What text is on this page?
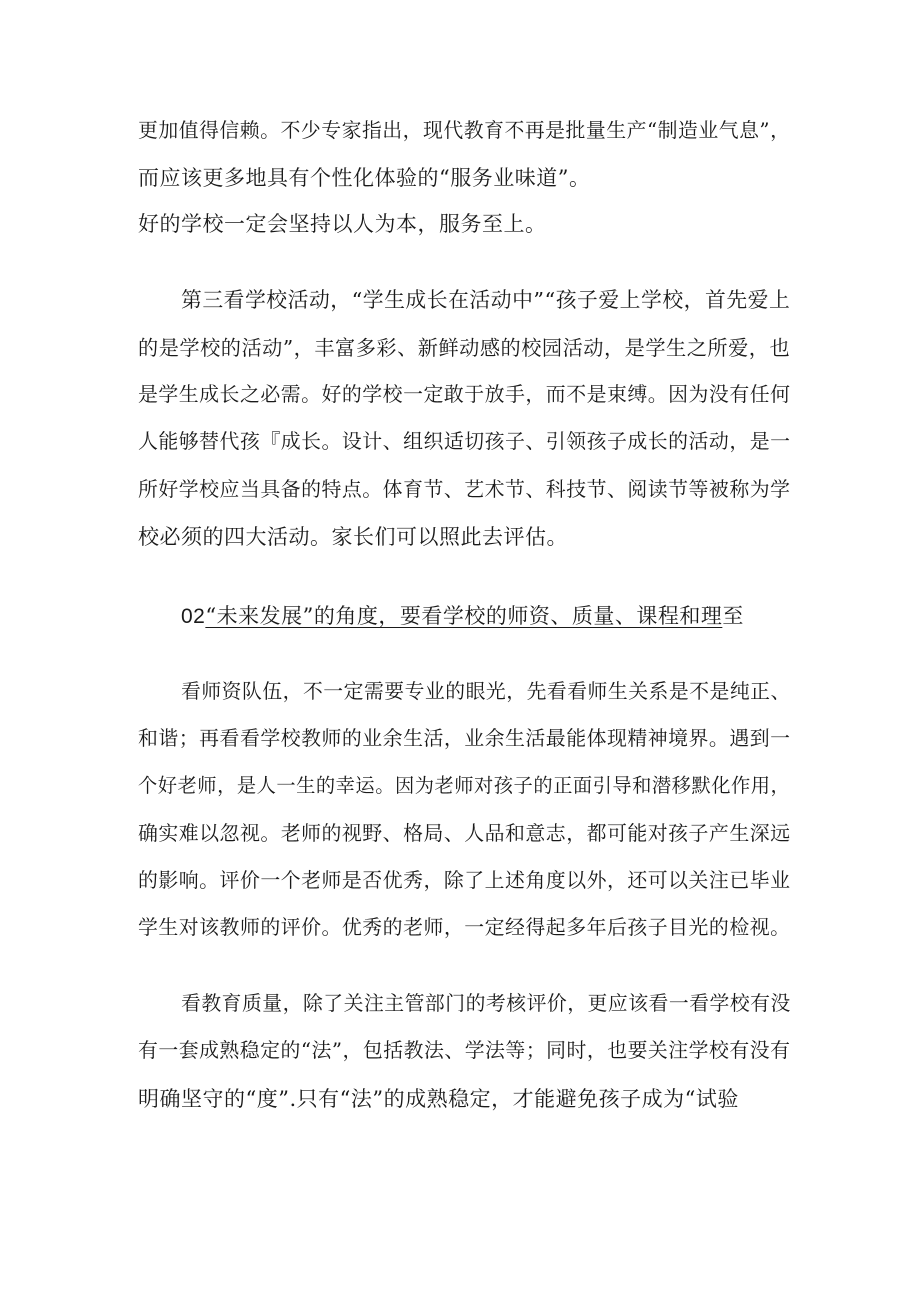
更加值得信赖。不少专家指出，现代教育不再是批量生产“制造业气息”，
而应该更多地具有个性化体验的“服务业味道”。
好的学校一定会坚持以人为本，服务至上。
第三看学校活动，“学生成长在活动中”“孩子爱上学校，首先爱上
的是学校的活动”，丰富多彩、新鲜动感的校园活动，是学生之所爱，也
是学生成长之必需。好的学校一定敢于放手，而不是束缚。因为没有任何
人能够替代孩『成长。设计、组织适切孩子、引领孩子成长的活动，是一
所好学校应当具备的特点。体育节、艺术节、科技节、阅读节等被称为学
校必须的四大活动。家长们可以照此去评估。
02“未来发展”的角度，要看学校的师资、质量、课程和理至
看师资队伍，不一定需要专业的眼光，先看看师生关系是不是纯正、
和谐；再看看学校教师的业余生活，业余生活最能体现精神境界。遇到一
个好老师，是人一生的幸运。因为老师对孩子的正面引导和潜移默化作用，
确实难以忽视。老师的视野、格局、人品和意志，都可能对孩子产生深远
的影响。评价一个老师是否优秀，除了上述角度以外，还可以关注已毕业
学生对该教师的评价。优秀的老师，一定经得起多年后孩子目光的检视。
看教育质量，除了关注主管部门的考核评价，更应该看一看学校有没
有一套成熟稳定的“法”，包括教法、学法等；同时，也要关注学校有没有
明确坚守的“度”.只有“法”的成熟稳定，才能避免孩子成为“试验
